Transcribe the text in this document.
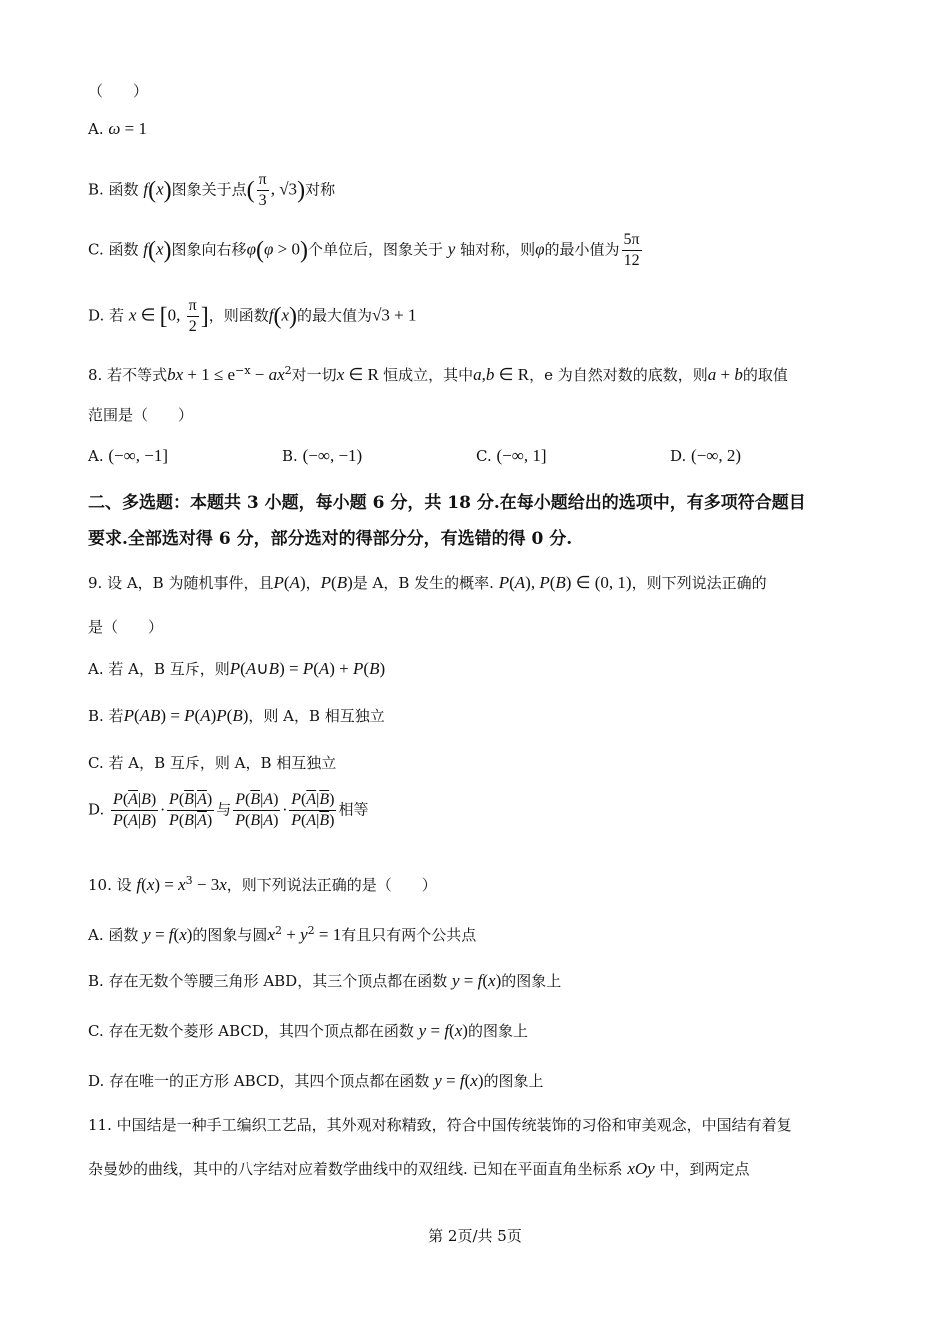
（　　）
A. ω = 1
B. 函数 f(x)图象关于点( $\frac{\pi}{3}$ , √3)对称
C. 函数 f(x)图象向右移φ(φ > 0)个单位后，图象关于 y 轴对称，则φ的最小值为 $\frac{5\pi}{12}$
D. 若 x ∈ [0, $\frac{\pi}{2}$ ]，则函数f(x)的最大值为√3 + 1
8. 若不等式bx + $1 \le e^{-x} - ax^2$对一切x ∈ R 恒成立，其中a,b ∈ R，e 为自然对数的底数，则a + b的取值
范围是（　　）
A. (−∞, −1]	B. (−∞, −1)	C. (−∞, 1]	D. (−∞, 2)
二、多选题：本题共 3 小题，每小题 6 分，共 18 分.在每小题给出的选项中，有多项符合题目
要求.全部选对得 6 分，部分选对的得部分分，有选错的得 0 分.
9. 设 A，B 为随机事件，且P(A)，P(B)是 A，B 发生的概率. P(A), P(B) ∈ (0, 1)，则下列说法正确的
是（　　）
A. 若 A，B 互斥，则P(A∪B) = P(A) + P(B)
B. 若P(AB) = P(A)P(B)，则 A，B 相互独立
C. 若 A，B 互斥，则 A，B 相互独立
D. $\frac{P(\overline{A}|B)}{P(A|B)} \cdot \frac{P(\overline{B}|\overline{A})}{P(B|\overline{A})}$ 与 $\frac{P(\overline{B}|A)}{P(B|A)} \cdot \frac{P(\overline{A}|\overline{B})}{P(A|\overline{B})}$ 相等
10. 设 $f(x) = x^3 - 3x$，则下列说法正确的是（　　）
A. 函数 y = f(x)的图象与圆$x^2 + y^2 = 1$有且只有两个公共点
B. 存在无数个等腰三角形 ABD，其三个顶点都在函数 y = f(x)的图象上
C. 存在无数个菱形 ABCD，其四个顶点都在函数 y = f(x)的图象上
D. 存在唯一的正方形 ABCD，其四个顶点都在函数 y = f(x)的图象上
11. 中国结是一种手工编织工艺品，其外观对称精致，符合中国传统装饰的习俗和审美观念，中国结有着复
杂曼妙的曲线，其中的八字结对应着数学曲线中的双纽线. 已知在平面直角坐标系 xOy 中，到两定点
第 2页/共 5页
